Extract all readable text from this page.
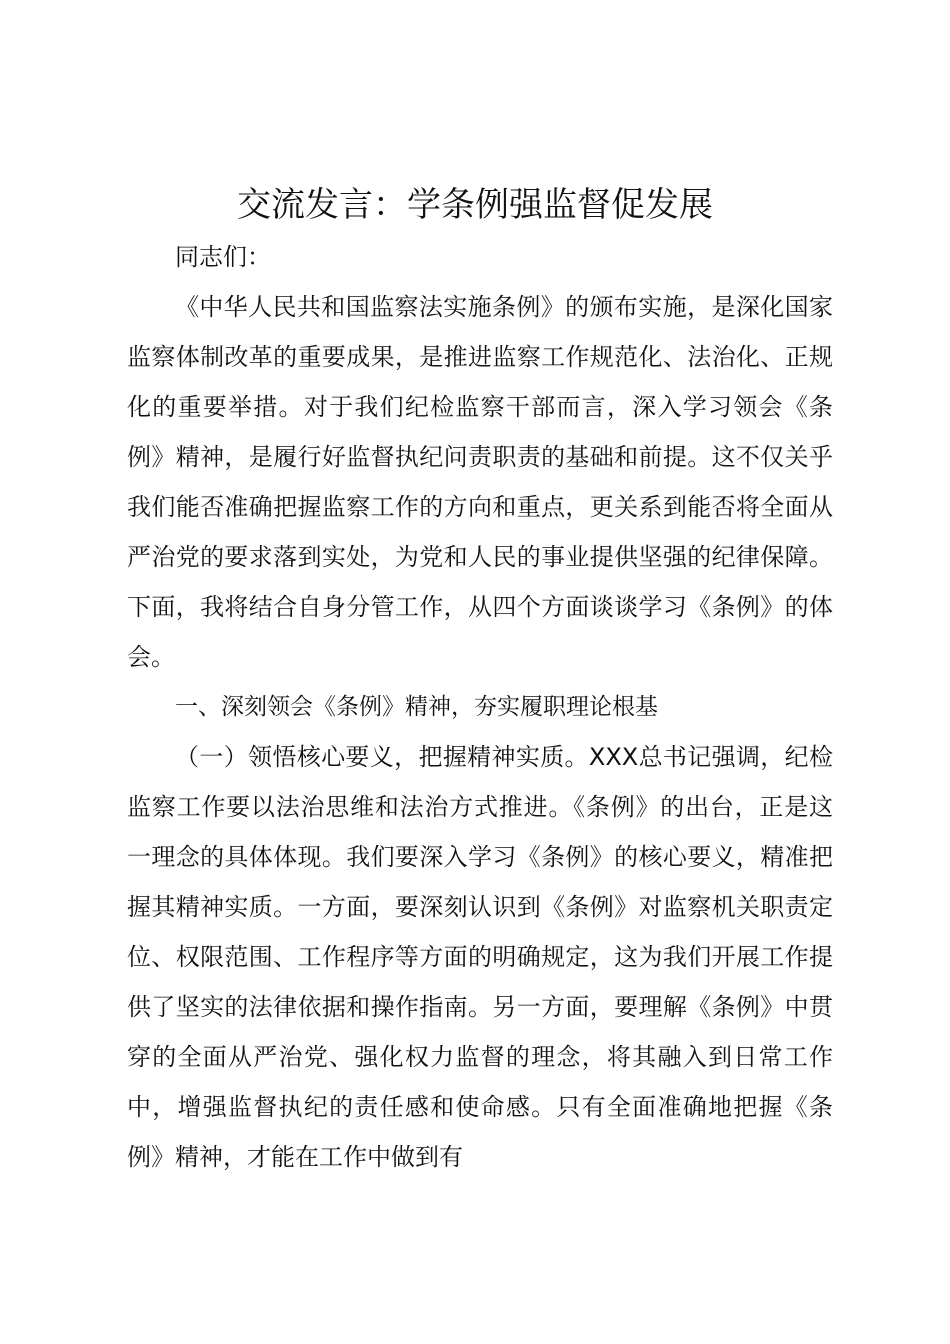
交流发言：学条例强监督促发展

同志们：

《中华人民共和国监察法实施条例》的颁布实施，是深化国家监察体制改革的重要成果，是推进监察工作规范化、法治化、正规化的重要举措。对于我们纪检监察干部而言，深入学习领会《条例》精神，是履行好监督执纪问责职责的基础和前提。这不仅关乎我们能否准确把握监察工作的方向和重点，更关系到能否将全面从严治党的要求落到实处，为党和人民的事业提供坚强的纪律保障。下面，我将结合自身分管工作，从四个方面谈谈学习《条例》的体会。

一、深刻领会《条例》精神，夯实履职理论根基

（一）领悟核心要义，把握精神实质。XXX总书记强调，纪检监察工作要以法治思维和法治方式推进。《条例》的出台，正是这一理念的具体体现。我们要深入学习《条例》的核心要义，精准把握其精神实质。一方面，要深刻认识到《条例》对监察机关职责定位、权限范围、工作程序等方面的明确规定，这为我们开展工作提供了坚实的法律依据和操作指南。另一方面，要理解《条例》中贯穿的全面从严治党、强化权力监督的理念，将其融入到日常工作中，增强监督执纪的责任感和使命感。只有全面准确地把握《条例》精神，才能在工作中做到有
